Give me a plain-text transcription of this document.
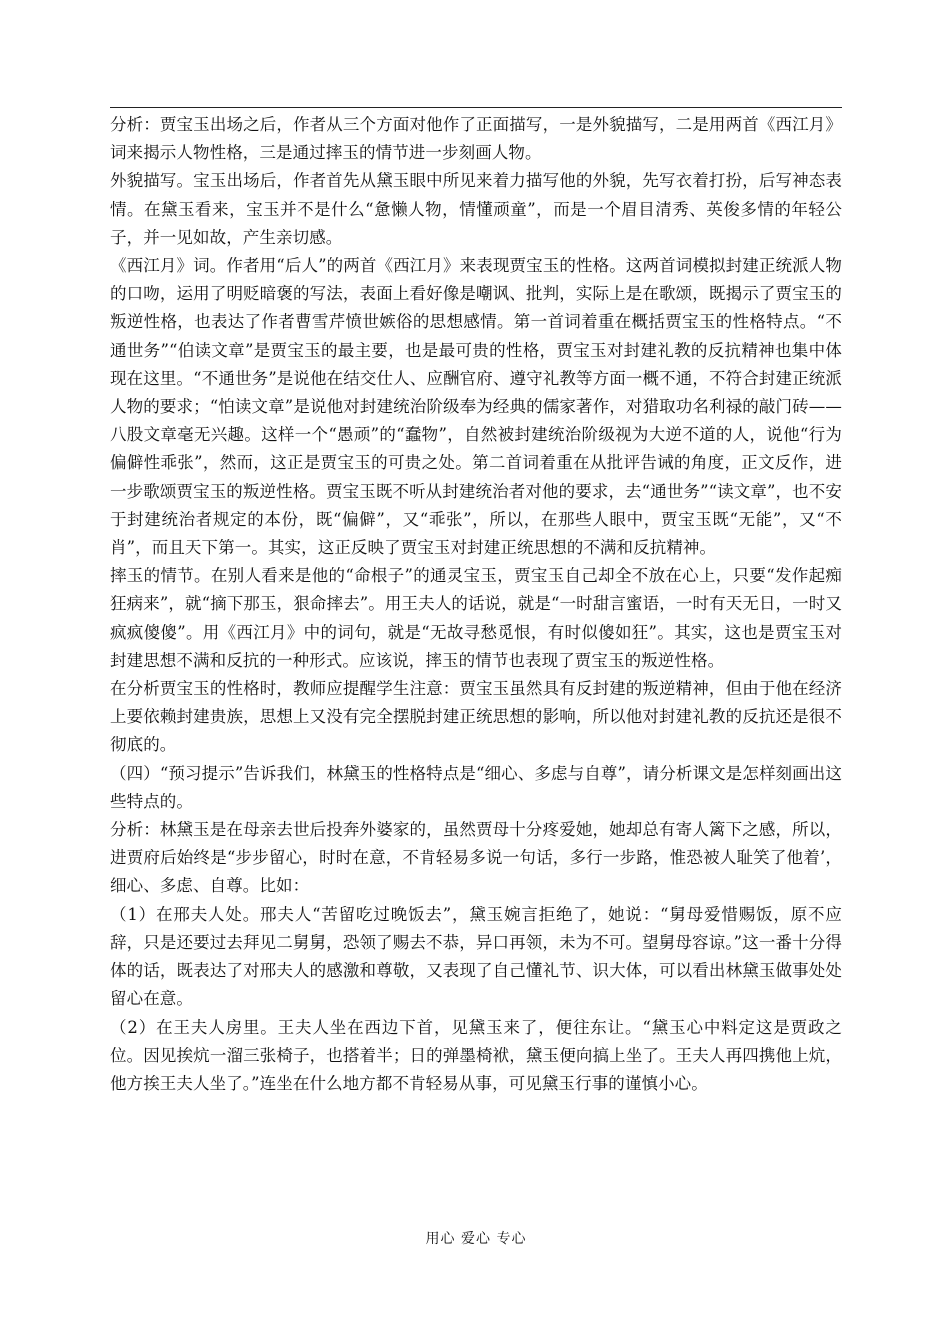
分析：贾宝玉出场之后，作者从三个方面对他作了正面描写，一是外貌描写，二是用两首《西江月》词来揭示人物性格，三是通过摔玉的情节进一步刻画人物。

外貌描写。宝玉出场后，作者首先从黛玉眼中所见来着力描写他的外貌，先写衣着打扮，后写神态表情。在黛玉看来，宝玉并不是什么“惫懒人物，情懂顽童”，而是一个眉目清秀、英俊多情的年轻公子，并一见如故，产生亲切感。

《西江月》词。作者用“后人”的两首《西江月》来表现贾宝玉的性格。这两首词模拟封建正统派人物的口吻，运用了明贬暗褒的写法，表面上看好像是嘲讽、批判，实际上是在歌颂，既揭示了贾宝玉的叛逆性格，也表达了作者曹雪芹愤世嫉俗的思想感情。第一首词着重在概括贾宝玉的性格特点。“不通世务”“伯读文章”是贾宝玉的最主要，也是最可贵的性格，贾宝玉对封建礼教的反抗精神也集中体现在这里。“不通世务”是说他在结交仕人、应酬官府、遵守礼教等方面一概不通，不符合封建正统派人物的要求；“怕读文章”是说他对封建统治阶级奉为经典的儒家著作，对猎取功名利禄的敲门砖——八股文章毫无兴趣。这样一个“愚顽”的“蠢物”，自然被封建统治阶级视为大逆不道的人，说他“行为偏僻性乖张”，然而，这正是贾宝玉的可贵之处。第二首词着重在从批评告诫的角度，正文反作，进一步歌颂贾宝玉的叛逆性格。贾宝玉既不听从封建统治者对他的要求，去“通世务”“读文章”，也不安于封建统治者规定的本份，既“偏僻”，又“乖张”，所以，在那些人眼中，贾宝玉既“无能”，又“不肖”，而且天下第一。其实，这正反映了贾宝玉对封建正统思想的不满和反抗精神。

摔玉的情节。在别人看来是他的“命根子”的通灵宝玉，贾宝玉自己却全不放在心上，只要“发作起痴狂病来”，就“摘下那玉，狠命摔去”。用王夫人的话说，就是“一时甜言蜜语，一时有天无日，一时又疯疯傻傻”。用《西江月》中的词句，就是“无故寻愁觅恨，有时似傻如狂”。其实，这也是贾宝玉对封建思想不满和反抗的一种形式。应该说，摔玉的情节也表现了贾宝玉的叛逆性格。

在分析贾宝玉的性格时，教师应提醒学生注意：贾宝玉虽然具有反封建的叛逆精神，但由于他在经济上要依赖封建贵族，思想上又没有完全摆脱封建正统思想的影响，所以他对封建礼教的反抗还是很不彻底的。

（四）“预习提示”告诉我们，林黛玉的性格特点是“细心、多虑与自尊”，请分析课文是怎样刻画出这些特点的。

分析：林黛玉是在母亲去世后投奔外婆家的，虽然贾母十分疼爱她，她却总有寄人篱下之感，所以，进贾府后始终是“步步留心，时时在意，不肯轻易多说一句话，多行一步路，惟恐被人耻笑了他着’，细心、多虑、自尊。比如：

（1）在邢夫人处。邢夫人“苦留吃过晚饭去”，黛玉婉言拒绝了，她说：“舅母爱惜赐饭，原不应辞，只是还要过去拜见二舅舅，恐领了赐去不恭，异口再领，未为不可。望舅母容谅。”这一番十分得体的话，既表达了对邢夫人的感激和尊敬，又表现了自己懂礼节、识大体，可以看出林黛玉做事处处留心在意。

（2）在王夫人房里。王夫人坐在西边下首，见黛玉来了，便往东让。“黛玉心中料定这是贾政之位。因见挨炕一溜三张椅子，也搭着半；日的弹墨椅袱，黛玉便向搞上坐了。王夫人再四携他上炕，他方挨王夫人坐了。”连坐在什么地方都不肯轻易从事，可见黛玉行事的谨慎小心。

用心 爱心 专心
